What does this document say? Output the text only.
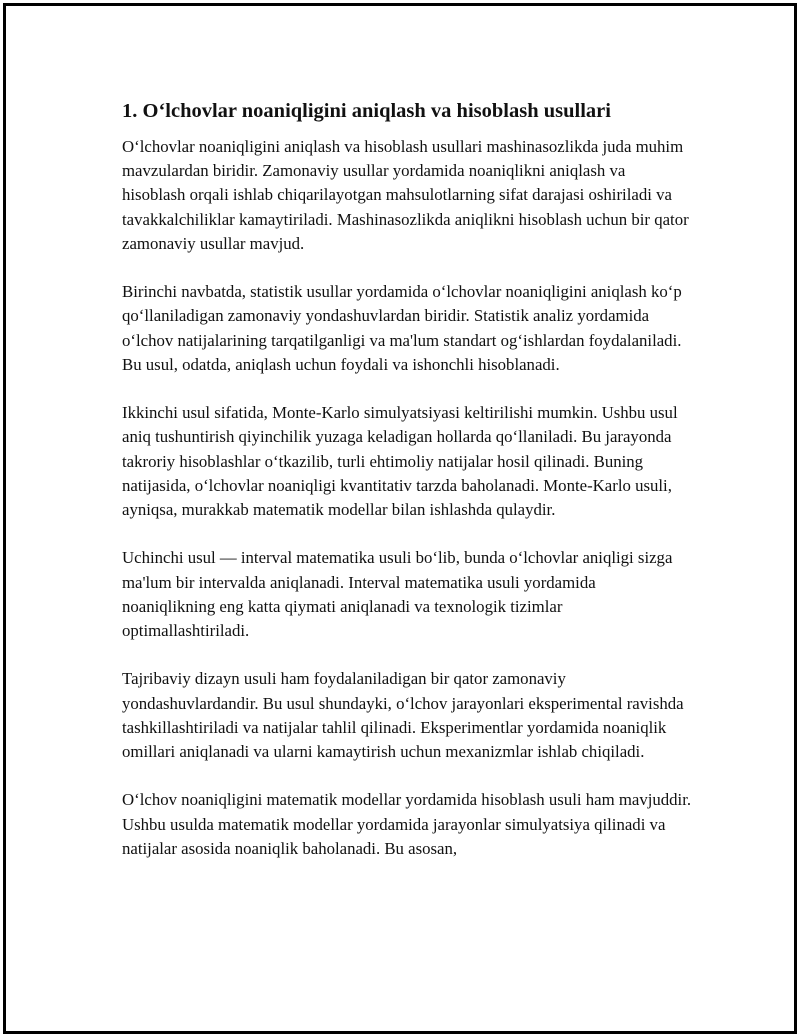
1. Oʻlchovlar noaniqligini aniqlash va hisoblash usullari

Oʻlchovlar noaniqligini aniqlash va hisoblash usullari mashinasozlikda juda muhim mavzulardan biridir. Zamonaviy usullar yordamida noaniqlikni aniqlash va hisoblash orqali ishlab chiqarilayotgan mahsulotlarning sifat darajasi oshiriladi va tavakkalchiliklar kamaytiriladi. Mashinasozlikda aniqlikni hisoblash uchun bir qator zamonaviy usullar mavjud.

Birinchi navbatda, statistik usullar yordamida oʻlchovlar noaniqligini aniqlash koʻp qoʻllaniladigan zamonaviy yondashuvlardan biridir. Statistik analiz yordamida oʻlchov natijalarining tarqatilganligi va ma'lum standart ogʻishlardan foydalaniladi. Bu usul, odatda, aniqlash uchun foydali va ishonchli hisoblanadi.

Ikkinchi usul sifatida, Monte-Karlo simulyatsiyasi keltirilishi mumkin. Ushbu usul aniq tushuntirish qiyinchilik yuzaga keladigan hollarda qoʻllaniladi. Bu jarayonda takroriy hisoblashlar oʻtkazilib, turli ehtimoliy natijalar hosil qilinadi. Buning natijasida, oʻlchovlar noaniqligi kvantitativ tarzda baholanadi. Monte-Karlo usuli, ayniqsa, murakkab matematik modellar bilan ishlashda qulaydir.

Uchinchi usul — interval matematika usuli boʻlib, bunda oʻlchovlar aniqligi sizga ma'lum bir intervalda aniqlanadi. Interval matematika usuli yordamida noaniqlikning eng katta qiymati aniqlanadi va texnologik tizimlar optimallashtiriladi.

Tajribaviy dizayn usuli ham foydalaniladigan bir qator zamonaviy yondashuvlardandir. Bu usul shundayki, oʻlchov jarayonlari eksperimental ravishda tashkillashtiriladi va natijalar tahlil qilinadi. Eksperimentlar yordamida noaniqlik omillari aniqlanadi va ularni kamaytirish uchun mexanizmlar ishlab chiqiladi.

Oʻlchov noaniqligini matematik modellar yordamida hisoblash usuli ham mavjuddir. Ushbu usulda matematik modellar yordamida jarayonlar simulyatsiya qilinadi va natijalar asosida noaniqlik baholanadi. Bu asosan,
